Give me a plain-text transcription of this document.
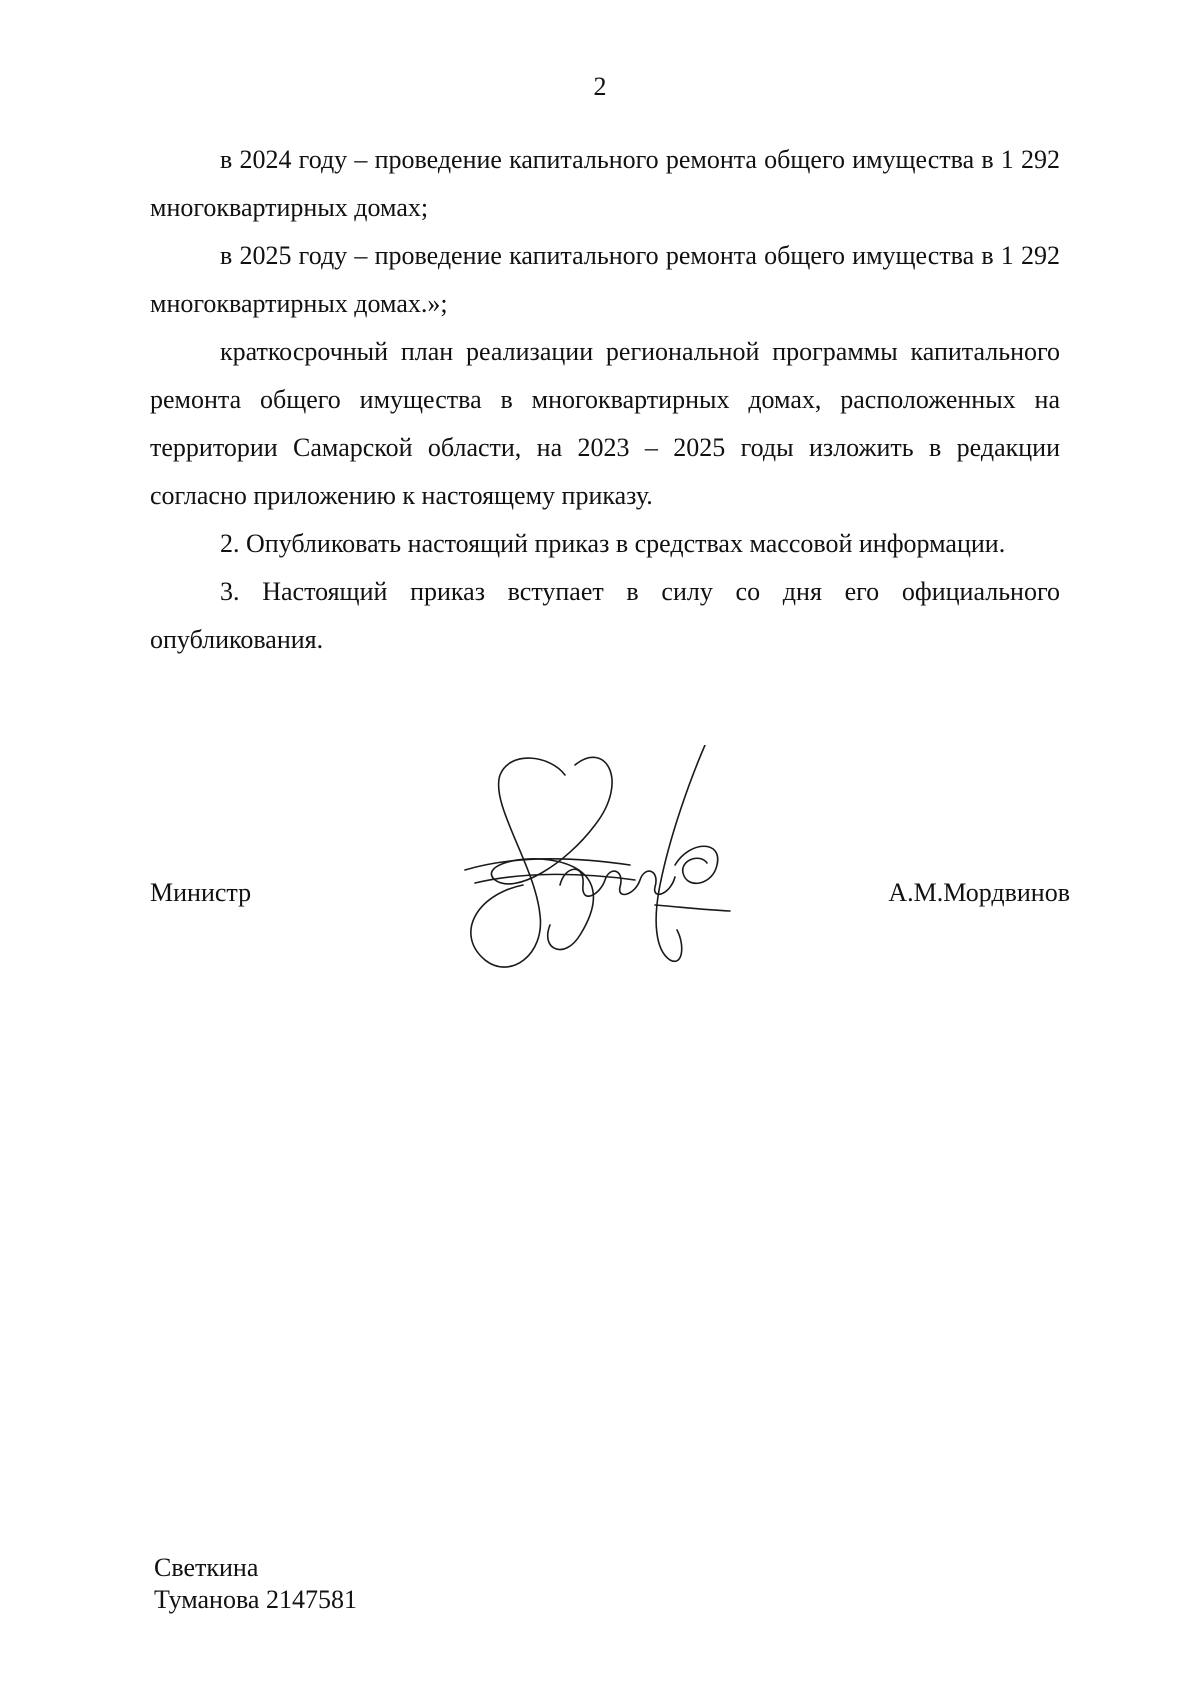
2

в 2024 году – проведение капитального ремонта общего имущества в 1 292 многоквартирных домах;

в 2025 году – проведение капитального ремонта общего имущества в 1 292 многоквартирных домах.»;

краткосрочный план реализации региональной программы капитального ремонта общего имущества в многоквартирных домах, расположенных на территории Самарской области, на 2023 – 2025 годы изложить в редакции согласно приложению к настоящему приказу.

2. Опубликовать настоящий приказ в средствах массовой информации.

3. Настоящий приказ вступает в силу со дня его официального опубликования.

Министр	А.М.Мордвинов
Светкина
Туманова 2147581
